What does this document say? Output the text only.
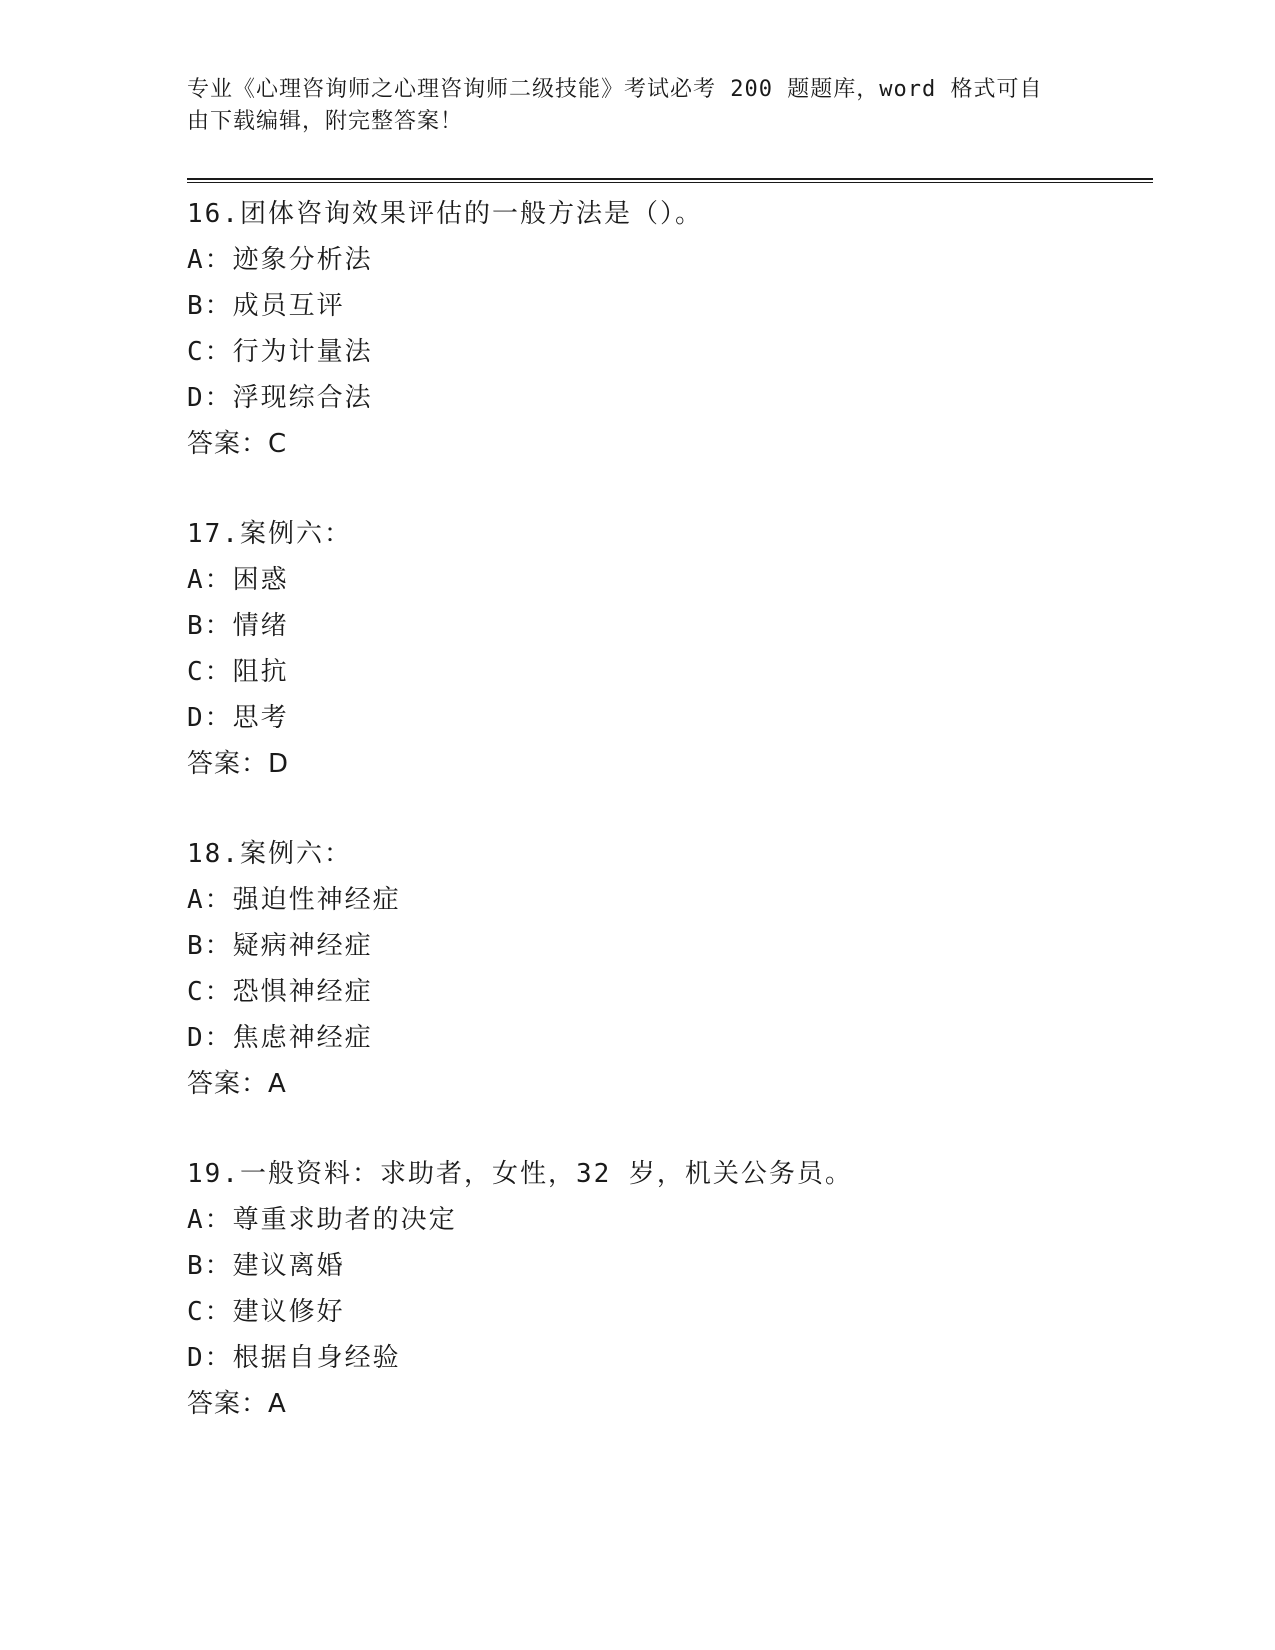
专业《心理咨询师之心理咨询师二级技能》考试必考 200 题题库，word 格式可自
由下载编辑，附完整答案！
16.团体咨询效果评估的一般方法是（）。
A：迹象分析法
B：成员互评
C：行为计量法
D：浮现综合法
答案：C
17.案例六：
A：困惑
B：情绪
C：阻抗
D：思考
答案：D
18.案例六：
A：强迫性神经症
B：疑病神经症
C：恐惧神经症
D：焦虑神经症
答案：A
19.一般资料：求助者，女性，32 岁，机关公务员。
A：尊重求助者的决定
B：建议离婚
C：建议修好
D：根据自身经验
答案：A
